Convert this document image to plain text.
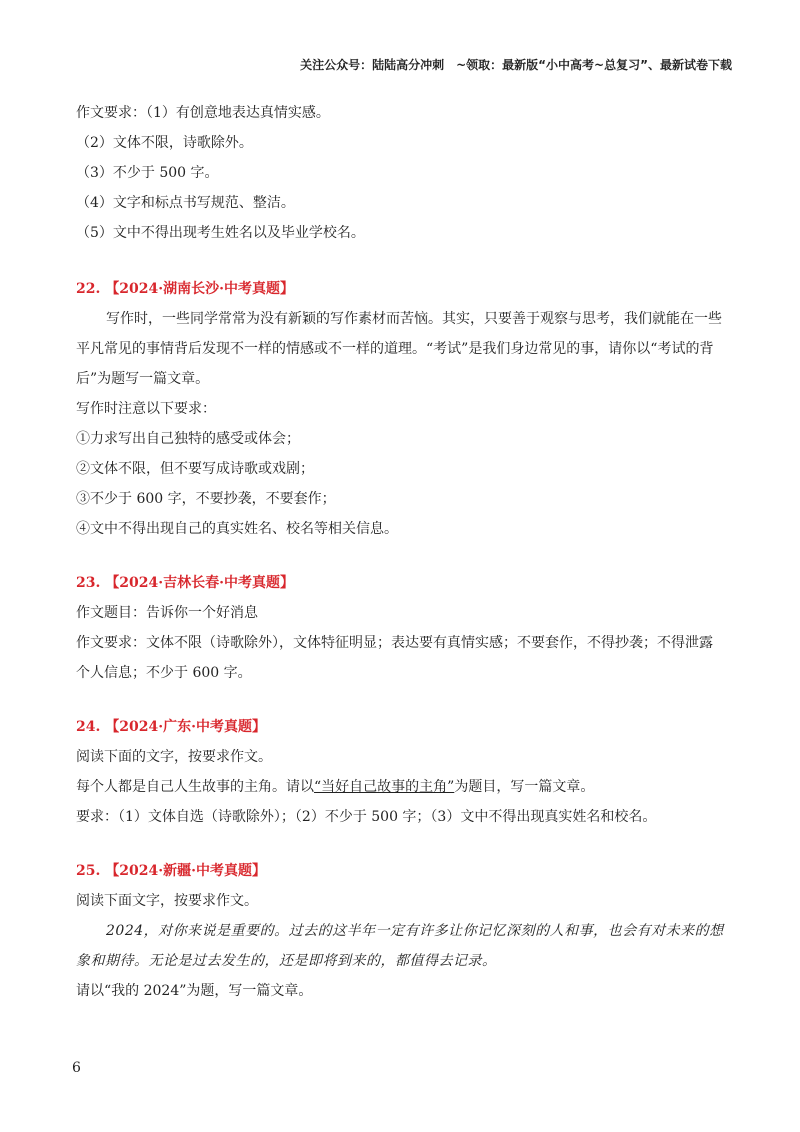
关注公众号：陆陆高分冲刺　~领取：最新版“小中高考~总复习”、最新试卷下载

作文要求：（1）有创意地表达真情实感。

（2）文体不限，诗歌除外。

（3）不少于 500 字。

（4）文字和标点书写规范、整洁。

（5）文中不得出现考生姓名以及毕业学校名。

22. 【2024·湖南长沙·中考真题】

写作时，一些同学常常为没有新颖的写作素材而苦恼。其实，只要善于观察与思考，我们就能在一些平凡常见的事情背后发现不一样的情感或不一样的道理。“考试”是我们身边常见的事，请你以“考试的背后”为题写一篇文章。

写作时注意以下要求：

①力求写出自己独特的感受或体会；

②文体不限，但不要写成诗歌或戏剧；

③不少于 600 字，不要抄袭，不要套作；

④文中不得出现自己的真实姓名、校名等相关信息。

23. 【2024·吉林长春·中考真题】

作文题目：告诉你一个好消息

作文要求：文体不限（诗歌除外），文体特征明显；表达要有真情实感；不要套作，不得抄袭；不得泄露个人信息；不少于 600 字。

24. 【2024·广东·中考真题】

阅读下面的文字，按要求作文。

每个人都是自己人生故事的主角。请以“当好自己故事的主角”为题目，写一篇文章。

要求：（1）文体自选（诗歌除外）；（2）不少于 500 字；（3）文中不得出现真实姓名和校名。

25. 【2024·新疆·中考真题】

阅读下面文字，按要求作文。

2024，对你来说是重要的。过去的这半年一定有许多让你记忆深刻的人和事，也会有对未来的想象和期待。无论是过去发生的，还是即将到来的，都值得去记录。

请以“我的 2024”为题，写一篇文章。

6
